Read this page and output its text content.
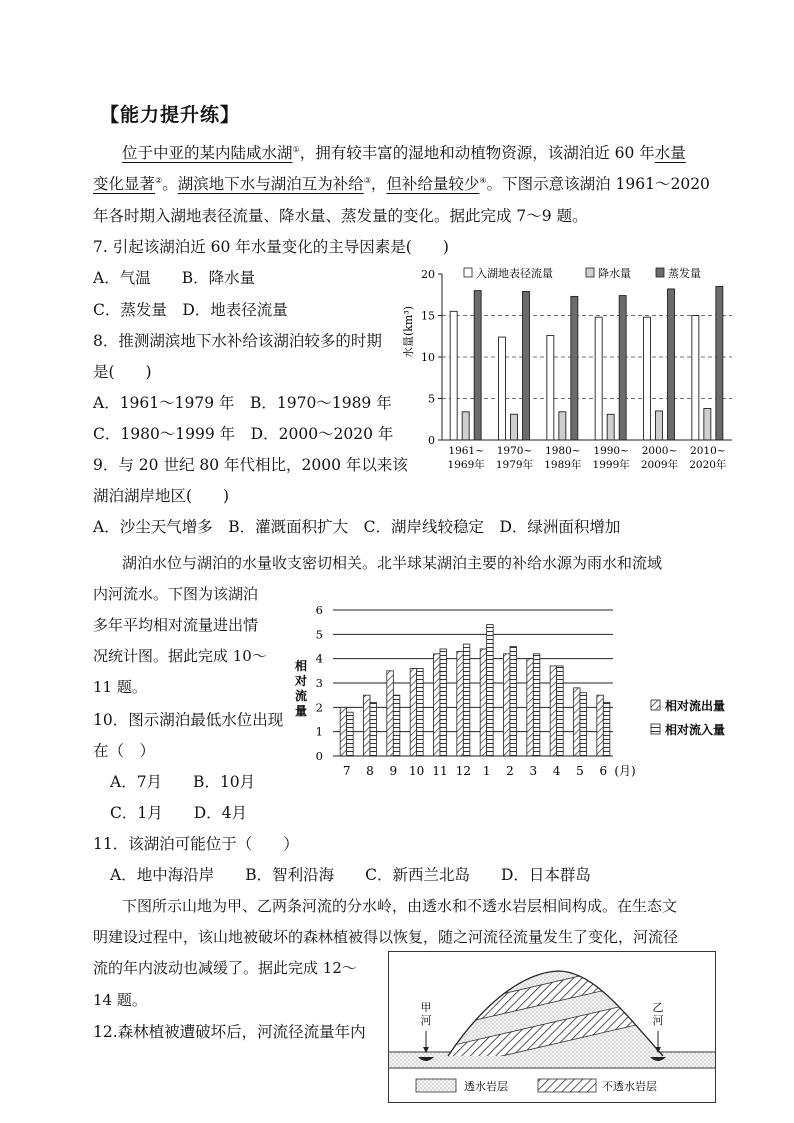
【能力提升练】
位于中亚的某内陆咸水湖①，拥有较丰富的湿地和动植物资源，该湖泊近 60 年水量
变化显著②。湖滨地下水与湖泊互为补给③，但补给量较少④。下图示意该湖泊 1961～2020
年各时期入湖地表径流量、降水量、蒸发量的变化。据此完成 7～9 题。
7. 引起该湖泊近 60 年水量变化的主导因素是(　　)
A．气温　　B．降水量
C．蒸发量　D．地表径流量
8．推测湖滨地下水补给该湖泊较多的时期
是(　　)
A．1961～1979 年　B．1970～1989 年
C．1980～1999 年　D．2000～2020 年
9．与 20 世纪 80 年代相比，2000 年以来该
湖泊湖岸地区(　　)
A．沙尘天气增多　B．灌溉面积扩大　C．湖岸线较稳定　D．绿洲面积增加
0
5
10
15
20
水量(km³)
1961~
1969年
1970~
1979年
1980~
1989年
1990~
1999年
2000~
2009年
2010~
2020年
入湖地表径流量	降水量	蒸发量
湖泊水位与湖泊的水量收支密切相关。北半球某湖泊主要的补给水源为雨水和流域
内河流水。下图为该湖泊
多年平均相对流量进出情
况统计图。据此完成 10～
11 题。
10．图示湖泊最低水位出现
在（　）
A．7月　　B．10月
C．1月　　D．4月
0
1
2
3
4
5
6
相
对
流
量
7 8 9 10 11 12 1 2 3 4 5 6 (月)
相对流出量
相对流入量
11．该湖泊可能位于（　　）
A．地中海沿岸　　B．智利沿海　　C．新西兰北岛　　D．日本群岛
下图所示山地为甲、乙两条河流的分水岭，由透水和不透水岩层相间构成。在生态文
明建设过程中，该山地被破坏的森林植被得以恢复，随之河流径流量发生了变化，河流径
流的年内波动也减缓了。据此完成 12～
14 题。
12.森林植被遭破坏后，河流径流量年内
甲河
乙河
透水岩层	不透水岩层
